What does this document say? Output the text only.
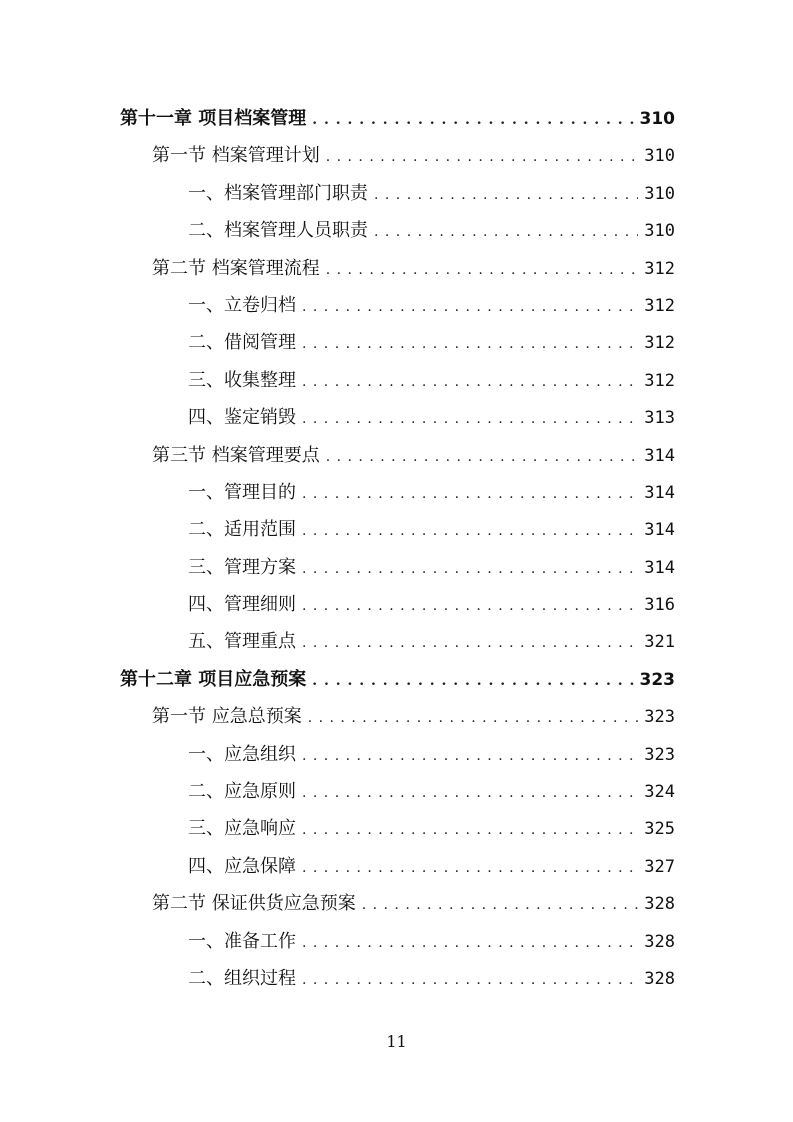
第十一章 项目档案管理 . . .	310
第一节 档案管理计划 . . .	310
一、档案管理部门职责 . . .	310
二、档案管理人员职责 . . .	310
第二节 档案管理流程 . . .	312
一、立卷归档 . . .	312
二、借阅管理 . . .	312
三、收集整理 . . .	312
四、鉴定销毁 . . .	313
第三节 档案管理要点 . . .	314
一、管理目的 . . .	314
二、适用范围 . . .	314
三、管理方案 . . .	314
四、管理细则 . . .	316
五、管理重点 . . .	321
第十二章 项目应急预案 . . .	323
第一节 应急总预案 . . .	323
一、应急组织 . . .	323
二、应急原则 . . .	324
三、应急响应 . . .	325
四、应急保障 . . .	327
第二节 保证供货应急预案 . . .	328
一、准备工作 . . .	328
二、组织过程 . . .	328
11
